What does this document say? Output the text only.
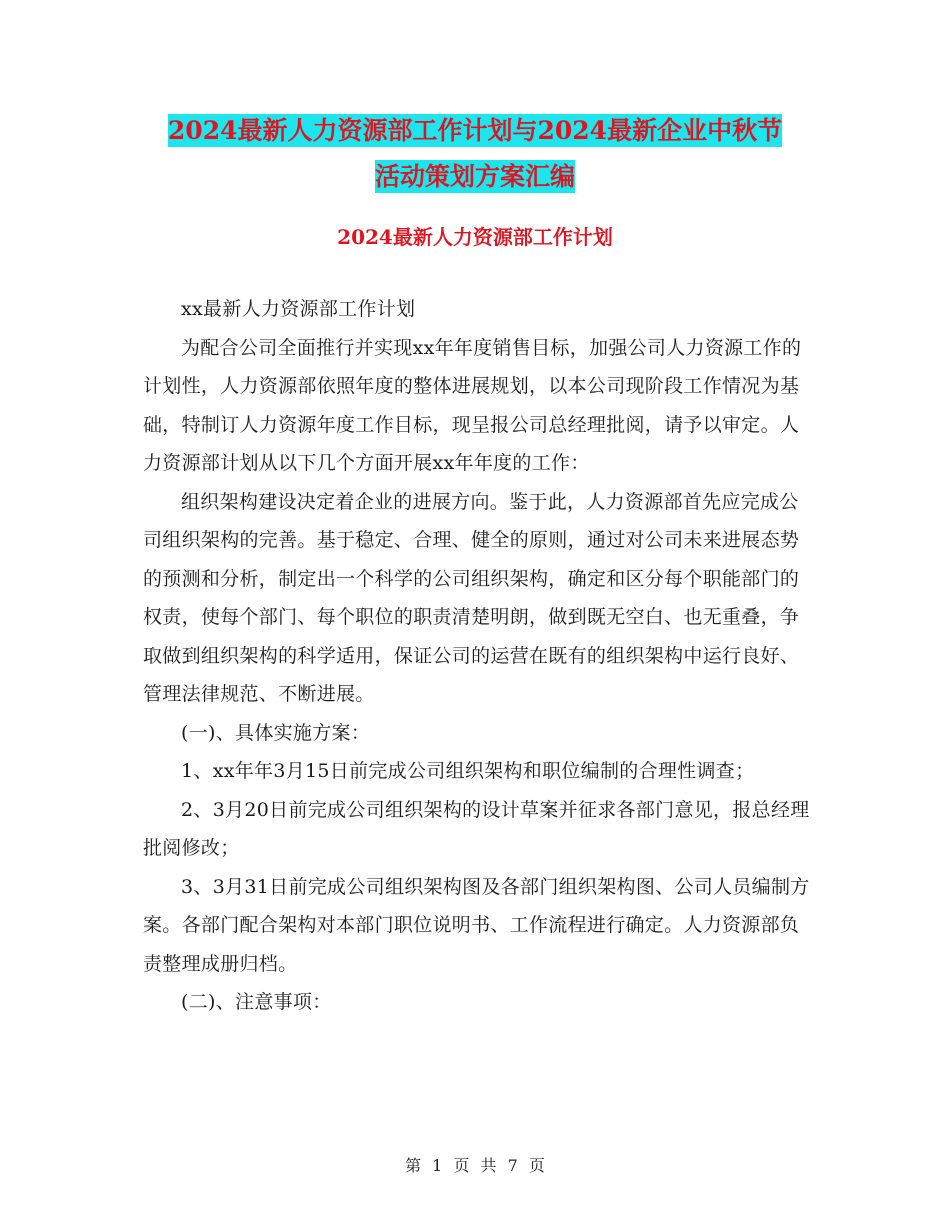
2024最新人力资源部工作计划与2024最新企业中秋节
活动策划方案汇编
2024最新人力资源部工作计划

xx最新人力资源部工作计划

为配合公司全面推行并实现xx年年度销售目标，加强公司人力资源工作的计划性，人力资源部依照年度的整体进展规划，以本公司现阶段工作情况为基础，特制订人力资源年度工作目标，现呈报公司总经理批阅，请予以审定。人力资源部计划从以下几个方面开展xx年年度的工作：

组织架构建设决定着企业的进展方向。鉴于此，人力资源部首先应完成公司组织架构的完善。基于稳定、合理、健全的原则，通过对公司未来进展态势的预测和分析，制定出一个科学的公司组织架构，确定和区分每个职能部门的权责，使每个部门、每个职位的职责清楚明朗，做到既无空白、也无重叠，争取做到组织架构的科学适用，保证公司的运营在既有的组织架构中运行良好、管理法律规范、不断进展。

(一)、具体实施方案：

1、xx年年3月15日前完成公司组织架构和职位编制的合理性调查；

2、3月20日前完成公司组织架构的设计草案并征求各部门意见，报总经理批阅修改；

3、3月31日前完成公司组织架构图及各部门组织架构图、公司人员编制方案。各部门配合架构对本部门职位说明书、工作流程进行确定。人力资源部负责整理成册归档。

(二)、注意事项：

第 1 页 共 7 页
